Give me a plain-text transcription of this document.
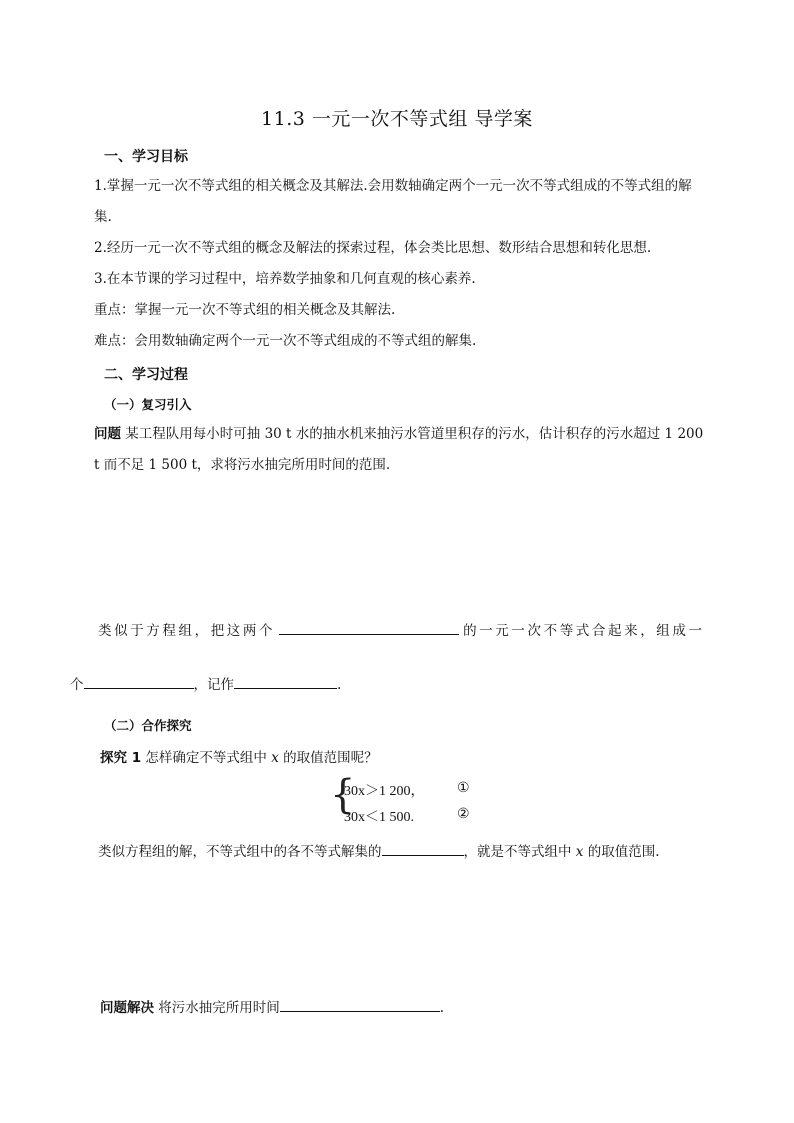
11.3 一元一次不等式组 导学案
一、学习目标
1.掌握一元一次不等式组的相关概念及其解法.会用数轴确定两个一元一次不等式组成的不等式组的解
集.
2.经历一元一次不等式组的概念及解法的探索过程，体会类比思想、数形结合思想和转化思想.
3.在本节课的学习过程中，培养数学抽象和几何直观的核心素养.
重点：掌握一元一次不等式组的相关概念及其解法.
难点：会用数轴确定两个一元一次不等式组成的不等式组的解集.
二、学习过程
（一）复习引入
问题 某工程队用每小时可抽 30 t 水的抽水机来抽污水管道里积存的污水，估计积存的污水超过 1 200
t 而不足 1 500 t，求将污水抽完所用时间的范围.
类似于方程组，把这两个	的一元一次不等式合起来，组成一
个	，记作	.
（二）合作探究
探究 1 怎样确定不等式组中 x 的取值范围呢？
{
30x＞1 200， ①
30x＜1 500.	②
类似方程组的解，不等式组中的各不等式解集的	，就是不等式组中 x 的取值范围.
问题解决 将污水抽完所用时间	.
